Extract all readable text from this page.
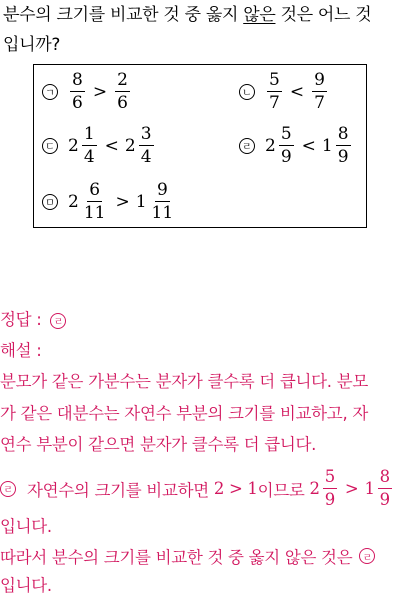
분수의 크기를 비교한 것 중 옳지 않은 것은 어느 것
입니까?
ㄱ $\frac{8}{6} > \frac{2}{6}$	ㄴ $\frac{5}{7} < \frac{9}{7}$
ㄷ $2 \frac{1}{4} < 2 \frac{3}{4}$	ㄹ $2 \frac{5}{9} < 1 \frac{8}{9}$
ㅁ $2 \frac{6}{11} > 1 \frac{9}{11}$
정답 : ㄹ
해설 :
분모가 같은 가분수는 분자가 클수록 더 큽니다. 분모
가 같은 대분수는 자연수 부분의 크기를 비교하고, 자
연수 부분이 같으면 분자가 클수록 더 큽니다.
ㄹ 자연수의 크기를 비교하면 2 > 1 이므로 $2 \frac{5}{9} > 1 \frac{8}{9}$
입니다.
따라서 분수의 크기를 비교한 것 중 옳지 않은 것은 ㄹ
입니다.
